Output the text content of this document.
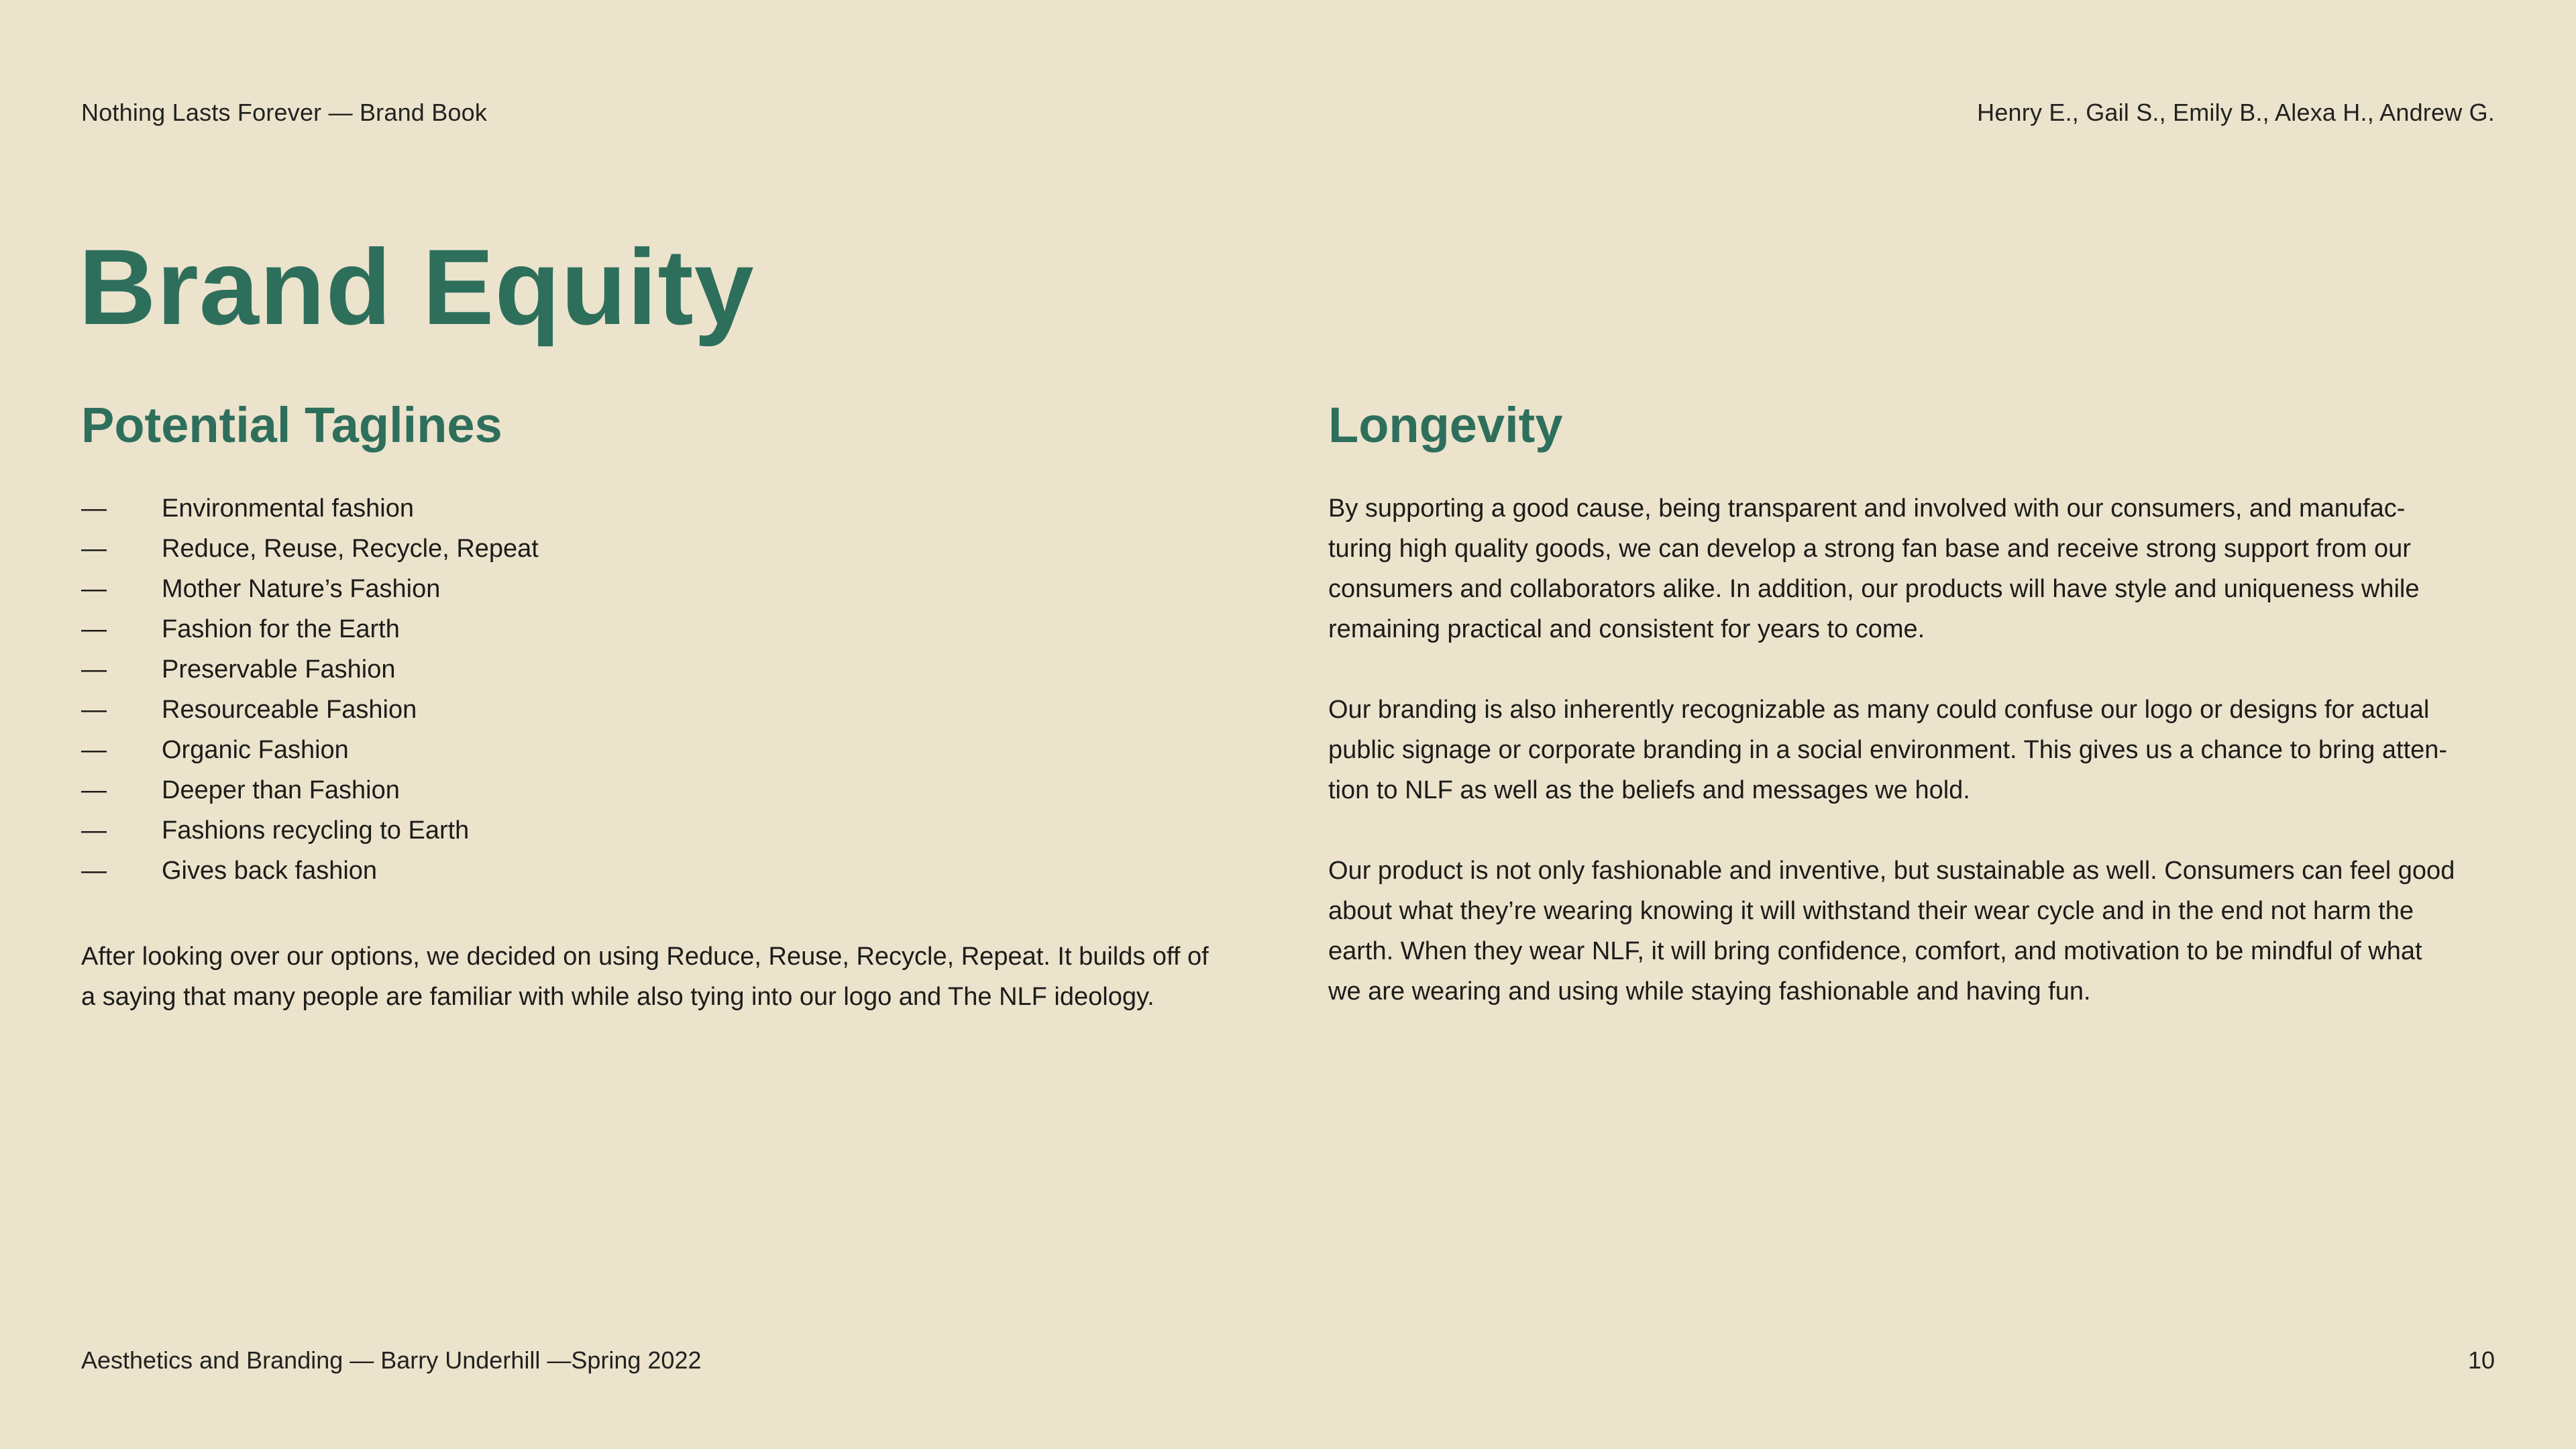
Nothing Lasts Forever — Brand Book	Henry E., Gail S., Emily B., Alexa H., Andrew G.
Brand Equity
Potential Taglines
— Environmental fashion
— Reduce, Reuse, Recycle, Repeat
— Mother Nature’s Fashion
— Fashion for the Earth
— Preservable Fashion
— Resourceable Fashion
— Organic Fashion
— Deeper than Fashion
— Fashions recycling to Earth
— Gives back fashion

After looking over our options, we decided on using Reduce, Reuse, Recycle, Repeat. It builds off of
a saying that many people are familiar with while also tying into our logo and The NLF ideology.

Longevity

By supporting a good cause, being transparent and involved with our consumers, and manufac-
turing high quality goods, we can develop a strong fan base and receive strong support from our
consumers and collaborators alike. In addition, our products will have style and uniqueness while
remaining practical and consistent for years to come.

Our branding is also inherently recognizable as many could confuse our logo or designs for actual
public signage or corporate branding in a social environment. This gives us a chance to bring atten-
tion to NLF as well as the beliefs and messages we hold.

Our product is not only fashionable and inventive, but sustainable as well. Consumers can feel good
about what they’re wearing knowing it will withstand their wear cycle and in the end not harm the
earth. When they wear NLF, it will bring confidence, comfort, and motivation to be mindful of what
we are wearing and using while staying fashionable and having fun.

Aesthetics and Branding — Barry Underhill —Spring 2022	10
